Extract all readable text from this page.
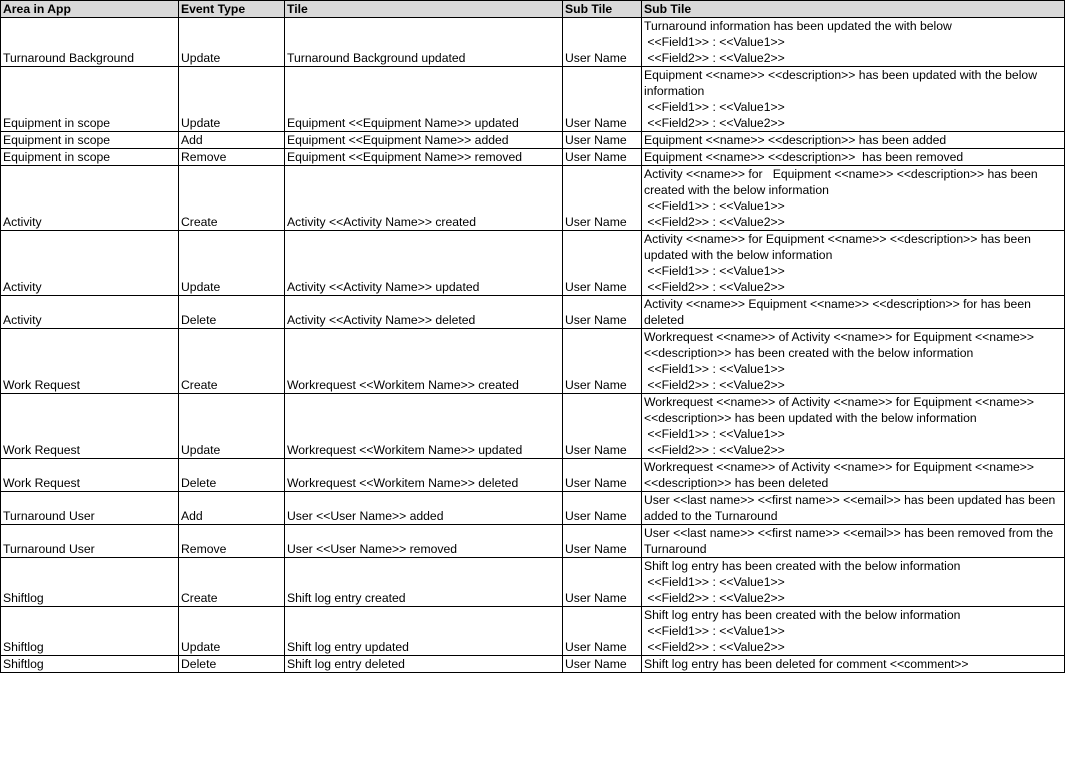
Area in App	Event Type	Tile	Sub Tile	Sub Tile
Turnaround Background	Update	Turnaround Background updated	User Name	Turnaround information has been updated the with below
<<Field1>> : <<Value1>>
<<Field2>> : <<Value2>>

Equipment in scope	Update	Equipment <<Equipment Name>> updated	User Name	Equipment <<name>> <<description>> has been updated with the below information
<<Field1>> : <<Value1>>
<<Field2>> : <<Value2>>

Equipment in scope	Add	Equipment <<Equipment Name>> added	User Name	Equipment <<name>> <<description>> has been added

Equipment in scope	Remove	Equipment <<Equipment Name>> removed	User Name	Equipment <<name>> <<description>>  has been removed

Activity	Create	Activity <<Activity Name>> created	User Name	Activity <<name>> for   Equipment <<name>> <<description>> has been created with the below information
<<Field1>> : <<Value1>>
<<Field2>> : <<Value2>>

Activity	Update	Activity <<Activity Name>> updated	User Name	Activity <<name>> for Equipment <<name>> <<description>> has been updated with the below information
<<Field1>> : <<Value1>>
<<Field2>> : <<Value2>>

Activity	Delete	Activity <<Activity Name>> deleted	User Name	Activity <<name>> Equipment <<name>> <<description>> for has been deleted

Work Request	Create	Workrequest <<Workitem Name>> created	User Name	Workrequest <<name>> of Activity <<name>> for Equipment <<name>> <<description>> has been created with the below information
<<Field1>> : <<Value1>>
<<Field2>> : <<Value2>>

Work Request	Update	Workrequest <<Workitem Name>> updated	User Name	Workrequest <<name>> of Activity <<name>> for Equipment <<name>> <<description>> has been updated with the below information
<<Field1>> : <<Value1>>
<<Field2>> : <<Value2>>

Work Request	Delete	Workrequest <<Workitem Name>> deleted	User Name	Workrequest <<name>> of Activity <<name>> for Equipment <<name>> <<description>> has been deleted

Turnaround User	Add	User <<User Name>> added	User Name	User <<last name>> <<first name>> <<email>> has been updated has been added to the Turnaround

Turnaround User	Remove	User <<User Name>> removed	User Name	User <<last name>> <<first name>> <<email>> has been removed from the Turnaround

Shiftlog	Create	Shift log entry created	User Name	Shift log entry has been created with the below information
<<Field1>> : <<Value1>>
<<Field2>> : <<Value2>>

Shiftlog	Update	Shift log entry updated	User Name	Shift log entry has been created with the below information
<<Field1>> : <<Value1>>
<<Field2>> : <<Value2>>

Shiftlog	Delete	Shift log entry deleted	User Name	Shift log entry has been deleted for comment <<comment>>
